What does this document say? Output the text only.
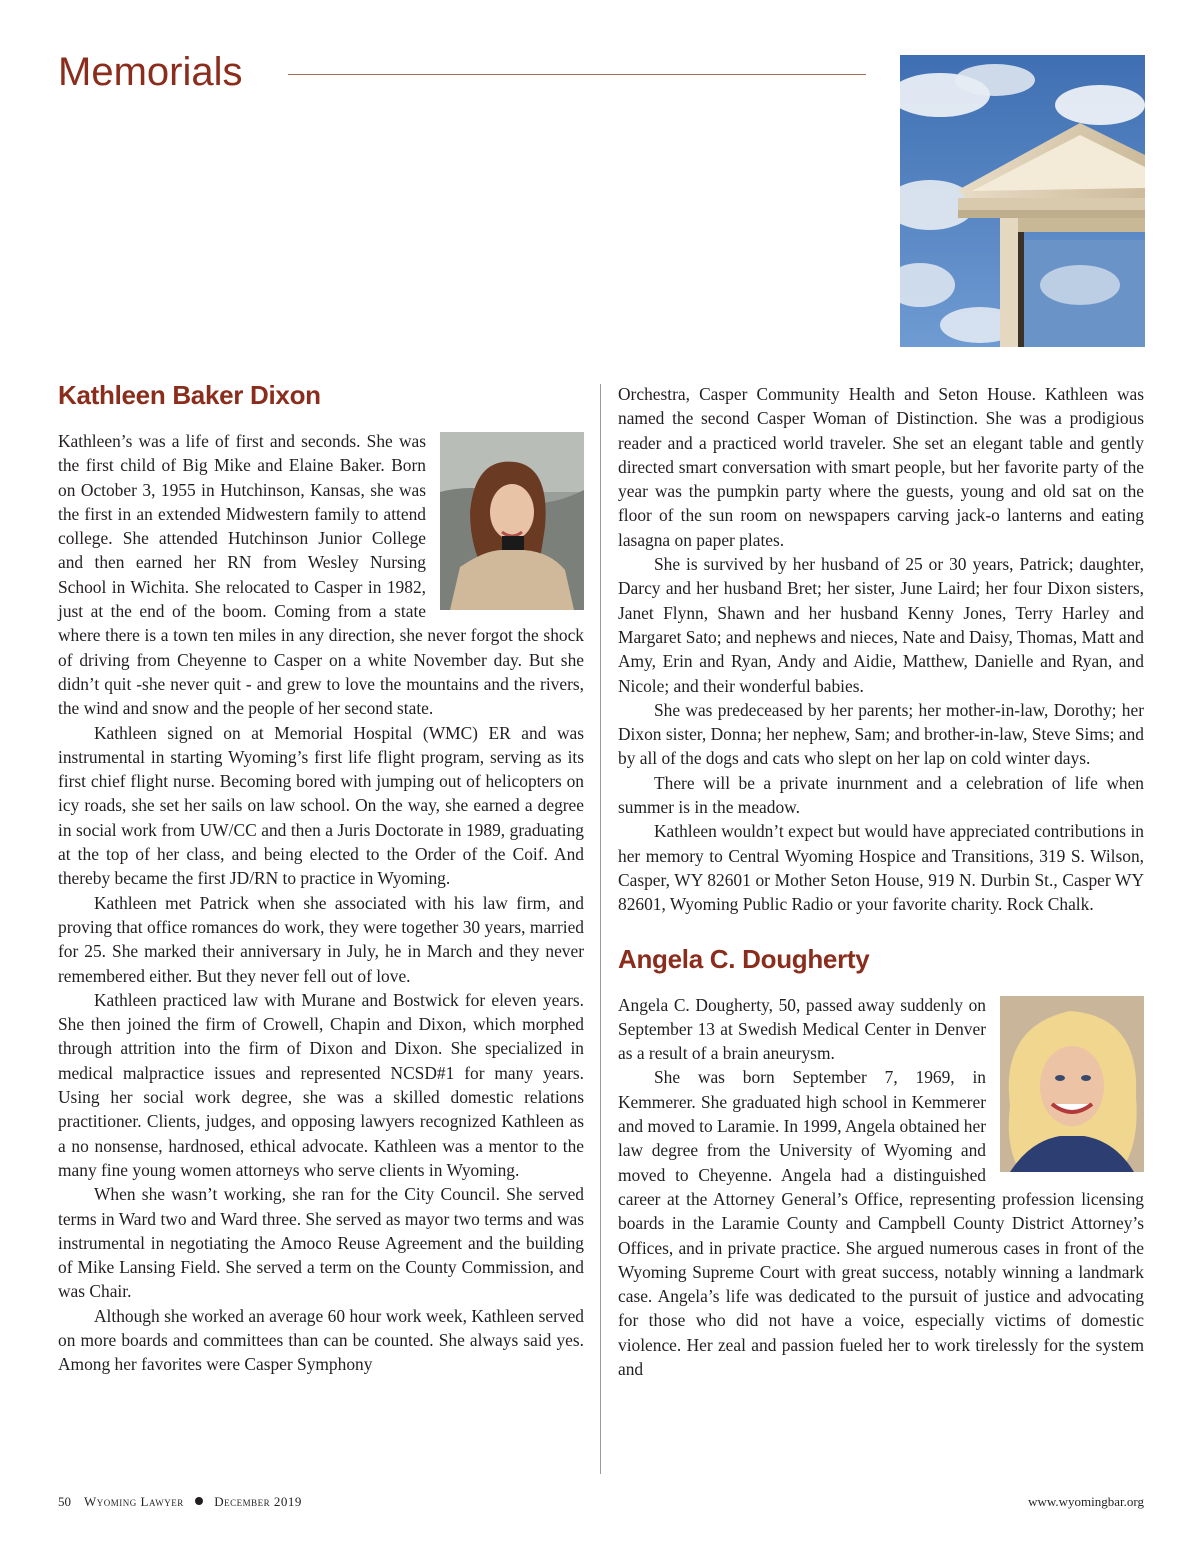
Memorials
Kathleen Baker Dixon

Kathleen’s was a life of first and seconds. She was the first child of Big Mike and Elaine Baker. Born on October 3, 1955 in Hutchinson, Kansas, she was the first in an extended Midwestern family to attend college. She attended Hutchinson Junior College and then earned her RN from Wesley Nursing School in Wichita. She relocated to Casper in 1982, just at the end of the boom. Coming from a state where there is a town ten miles in any direction, she never forgot the shock of driving from Cheyenne to Casper on a white November day. But she didn’t quit -she never quit - and grew to love the mountains and the rivers, the wind and snow and the people of her second state.

Kathleen signed on at Memorial Hospital (WMC) ER and was instrumental in starting Wyoming’s first life flight program, serving as its first chief flight nurse. Becoming bored with jumping out of helicopters on icy roads, she set her sails on law school. On the way, she earned a degree in social work from UW/CC and then a Juris Doctorate in 1989, graduating at the top of her class, and being elected to the Order of the Coif. And thereby became the first JD/RN to practice in Wyoming.

Kathleen met Patrick when she associated with his law firm, and proving that office romances do work, they were together 30 years, married for 25. She marked their anniversary in July, he in March and they never remembered either. But they never fell out of love.

Kathleen practiced law with Murane and Bostwick for eleven years. She then joined the firm of Crowell, Chapin and Dixon, which morphed through attrition into the firm of Dixon and Dixon. She specialized in medical malpractice issues and represented NCSD#1 for many years. Using her social work degree, she was a skilled domestic relations practitioner. Clients, judges, and opposing lawyers recognized Kathleen as a no nonsense, hardnosed, ethical advocate. Kathleen was a mentor to the many fine young women attorneys who serve clients in Wyoming.

When she wasn’t working, she ran for the City Council. She served terms in Ward two and Ward three. She served as mayor two terms and was instrumental in negotiating the Amoco Reuse Agreement and the building of Mike Lansing Field. She served a term on the County Commission, and was Chair.

Although she worked an average 60 hour work week, Kathleen served on more boards and committees than can be counted. She always said yes. Among her favorites were Casper Symphony

Orchestra, Casper Community Health and Seton House. Kathleen was named the second Casper Woman of Distinction. She was a prodigious reader and a practiced world traveler. She set an elegant table and gently directed smart conversation with smart people, but her favorite party of the year was the pumpkin party where the guests, young and old sat on the floor of the sun room on newspapers carving jack-o lanterns and eating lasagna on paper plates.

She is survived by her husband of 25 or 30 years, Patrick; daughter, Darcy and her husband Bret; her sister, June Laird; her four Dixon sisters, Janet Flynn, Shawn and her husband Kenny Jones, Terry Harley and Margaret Sato; and nephews and nieces, Nate and Daisy, Thomas, Matt and Amy, Erin and Ryan, Andy and Aidie, Matthew, Danielle and Ryan, and Nicole; and their wonderful babies.

She was predeceased by her parents; her mother-in-law, Dorothy; her Dixon sister, Donna; her nephew, Sam; and brother-in-law, Steve Sims; and by all of the dogs and cats who slept on her lap on cold winter days.

There will be a private inurnment and a celebration of life when summer is in the meadow.

Kathleen wouldn’t expect but would have appreciated contributions in her memory to Central Wyoming Hospice and Transitions, 319 S. Wilson, Casper, WY 82601 or Mother Seton House, 919 N. Durbin St., Casper WY 82601, Wyoming Public Radio or your favorite charity. Rock Chalk.

Angela C. Dougherty

Angela C. Dougherty, 50, passed away suddenly on September 13 at Swedish Medical Center in Denver as a result of a brain aneurysm.

She was born September 7, 1969, in Kemmerer. She graduated high school in Kemmerer and moved to Laramie. In 1999, Angela obtained her law degree from the University of Wyoming and moved to Cheyenne. Angela had a distinguished career at the Attorney General’s Office, representing profession licensing boards in the Laramie County and Campbell County District Attorney’s Offices, and in private practice. She argued numerous cases in front of the Wyoming Supreme Court with great success, notably winning a landmark case. Angela’s life was dedicated to the pursuit of justice and advocating for those who did not have a voice, especially victims of domestic violence. Her zeal and passion fueled her to work tirelessly for the system and

50 Wyoming Lawyer December 2019	www.wyomingbar.org
